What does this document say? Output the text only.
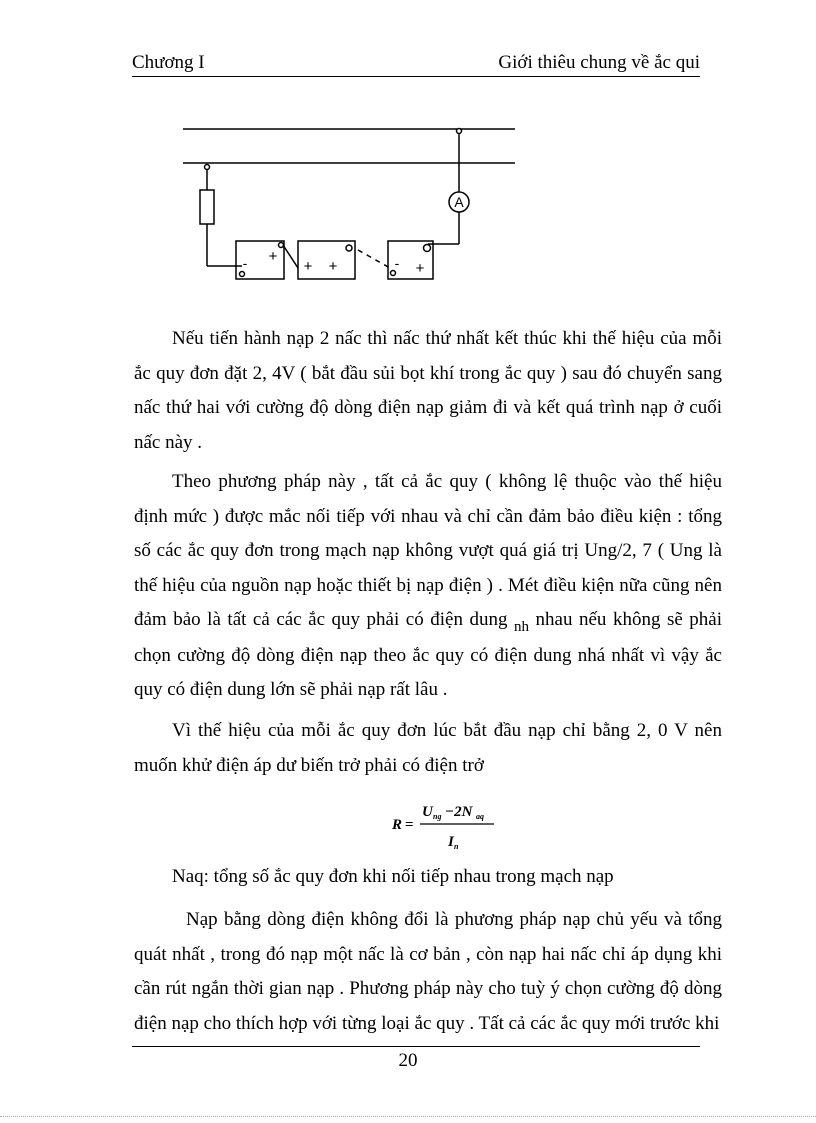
Chương I	Giới thiêu chung về ắc qui
A
- +
+ +	- +

Nếu tiến hành nạp 2 nấc thì nấc thứ nhất kết thúc khi thế hiệu của mỗi ắc quy đơn đặt 2, 4V ( bắt đầu sủi bọt khí trong ắc quy ) sau đó chuyển sang nấc thứ hai với cường độ dòng điện nạp giảm đi và kết quá trình nạp ở cuối nấc này .

Theo phương pháp này , tất cả ắc quy ( không lệ thuộc vào thế hiệu định mức ) được mắc nối tiếp với nhau và chỉ cần đảm bảo điều kiện : tổng số các ắc quy đơn trong mạch nạp không vượt quá giá trị Ung/2, 7 ( Ung là thế hiệu của nguồn nạp hoặc thiết bị nạp điện ) . Mét điều kiện nữa cũng nên đảm bảo là tất cả các ắc quy phải có điện dung $_{nh}$ nhau nếu không sẽ phải chọn cường độ dòng điện nạp theo ắc quy có điện dung nhá nhất vì vậy ắc quy có điện dung lớn sẽ phải nạp rất lâu .

Vì thế hiệu của mỗi ắc quy đơn lúc bắt đầu nạp chỉ bằng 2, 0 V nên muốn khử điện áp dư biến trở phải có điện trở

R =
U ng −2N aq
I n
Naq: tổng số ắc quy đơn khi nối tiếp nhau trong mạch nạp

Nạp bằng dòng điện không đổi là phương pháp nạp chủ yếu và tổng quát nhất , trong đó nạp một nấc là cơ bản , còn nạp hai nấc chỉ áp dụng khi cần rút ngắn thời gian nạp . Phương pháp này cho tuỳ ý chọn cường độ dòng điện nạp cho thích hợp với từng loại ắc quy . Tất cả các ắc quy mới trước khi

20
